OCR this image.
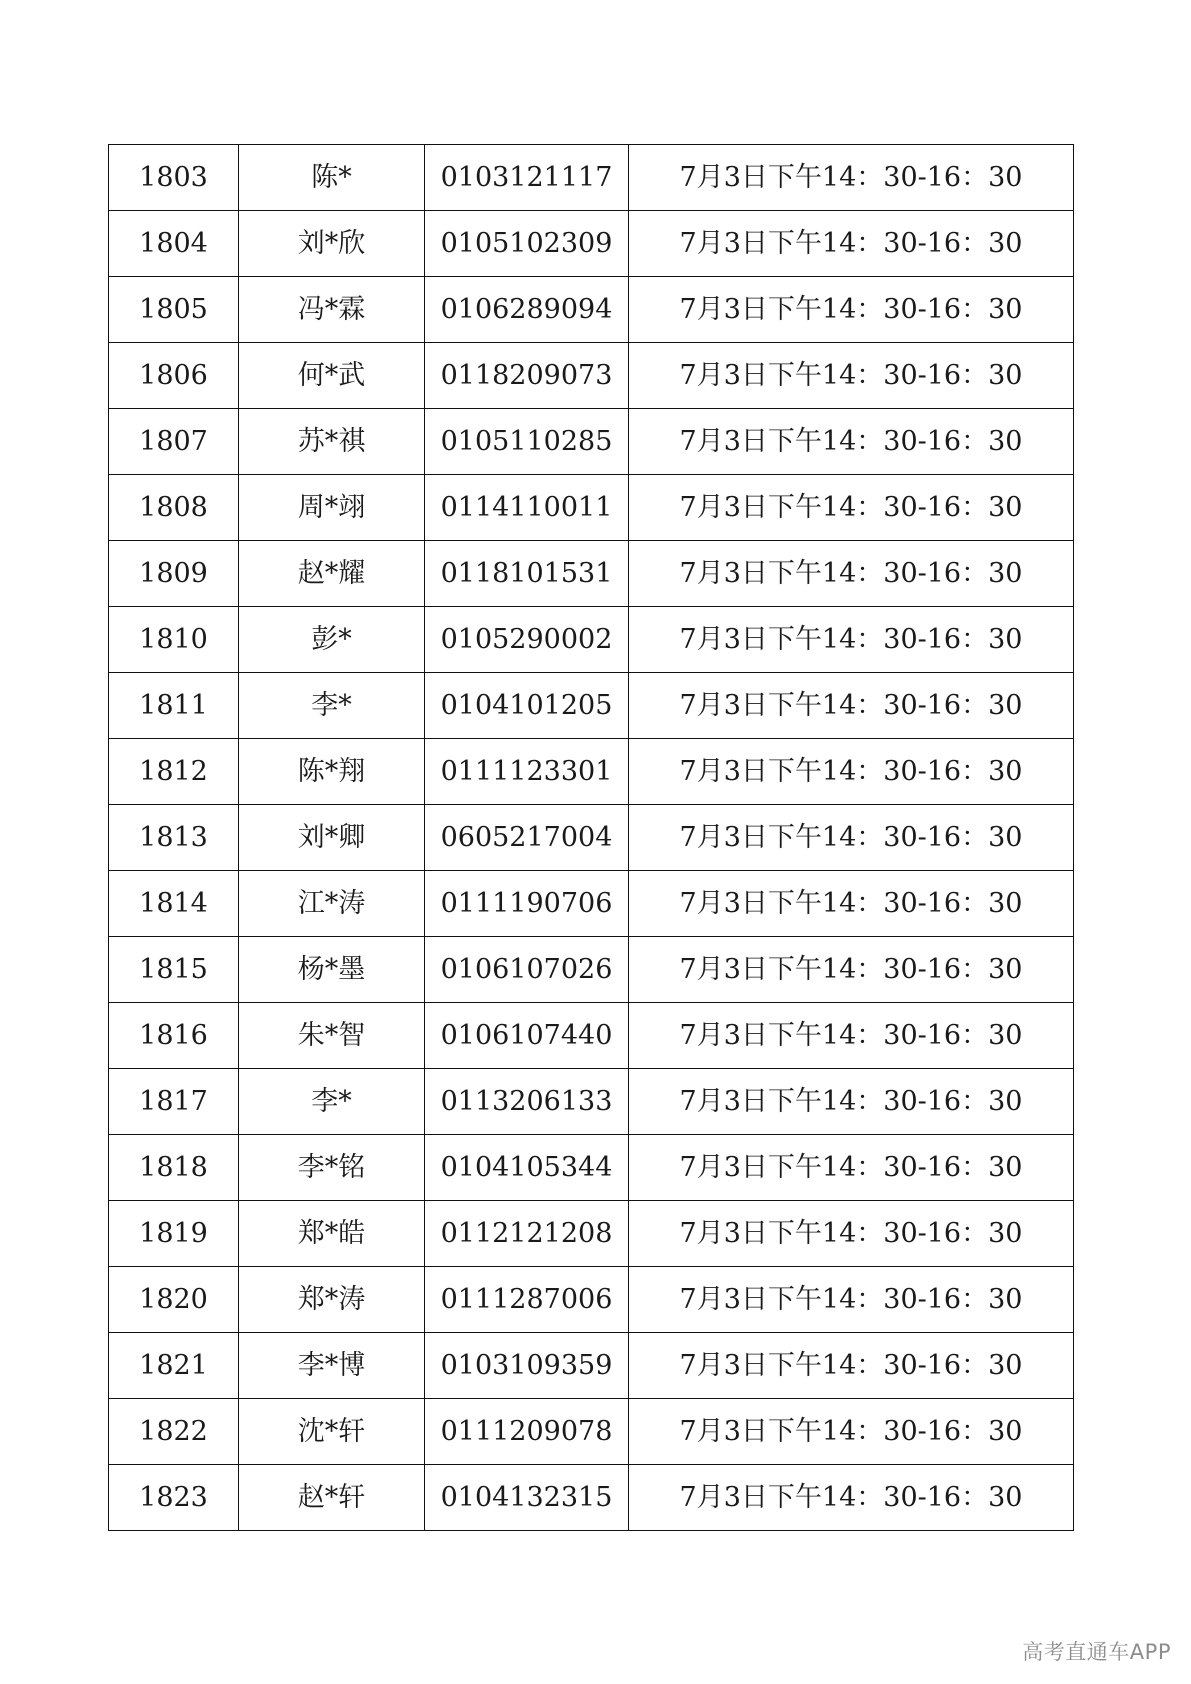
1803	陈*	0103121117	7月3日下午14：30-16：30
1804	刘*欣	0105102309	7月3日下午14：30-16：30
1805	冯*霖	0106289094	7月3日下午14：30-16：30
1806	何*武	0118209073	7月3日下午14：30-16：30
1807	苏*祺	0105110285	7月3日下午14：30-16：30
1808	周*翊	0114110011	7月3日下午14：30-16：30
1809	赵*耀	0118101531	7月3日下午14：30-16：30
1810	彭*	0105290002	7月3日下午14：30-16：30
1811	李*	0104101205	7月3日下午14：30-16：30
1812	陈*翔	0111123301	7月3日下午14：30-16：30
1813	刘*卿	0605217004	7月3日下午14：30-16：30
1814	江*涛	0111190706	7月3日下午14：30-16：30
1815	杨*墨	0106107026	7月3日下午14：30-16：30
1816	朱*智	0106107440	7月3日下午14：30-16：30
1817	李*	0113206133	7月3日下午14：30-16：30
1818	李*铭	0104105344	7月3日下午14：30-16：30
1819	郑*皓	0112121208	7月3日下午14：30-16：30
1820	郑*涛	0111287006	7月3日下午14：30-16：30
1821	李*博	0103109359	7月3日下午14：30-16：30
1822	沈*轩	0111209078	7月3日下午14：30-16：30
1823	赵*轩	0104132315	7月3日下午14：30-16：30
高考直通车APP
